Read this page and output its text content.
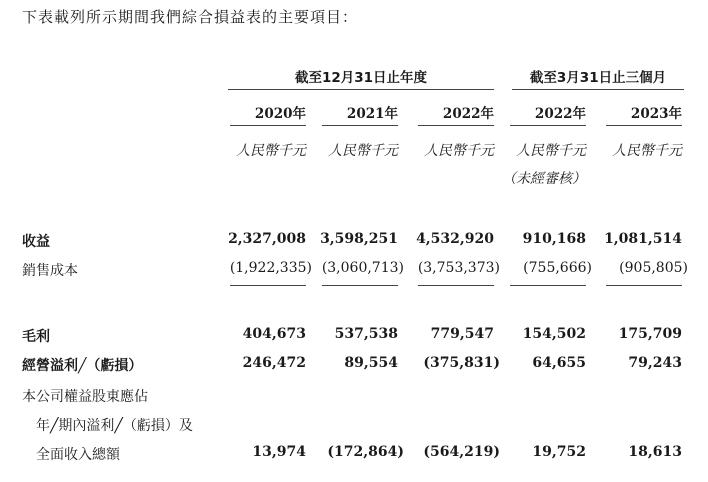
下表載列所示期間我們綜合損益表的主要項目：
截至12月31日止年度	截至3月31日止三個月
2020年	2021年	2022年	2022年	2023年
人民幣千元	人民幣千元	人民幣千元	人民幣千元	人民幣千元
（未經審核）
收益	2,327,008	3,598,251	4,532,920	910,168	1,081,514
銷售成本	(1,922,335) (3,060,713) (3,753,373)	(755,666)	(905,805)
毛利	404,673	537,538	779,547	154,502	175,709
經營溢利╱（虧損）	246,472	89,554	(375,831)	64,655	79,243
本公司權益股東應佔
　年╱期內溢利╱（虧損）及
　全面收入總額	13,974	(172,864)	(564,219)	19,752	18,613
